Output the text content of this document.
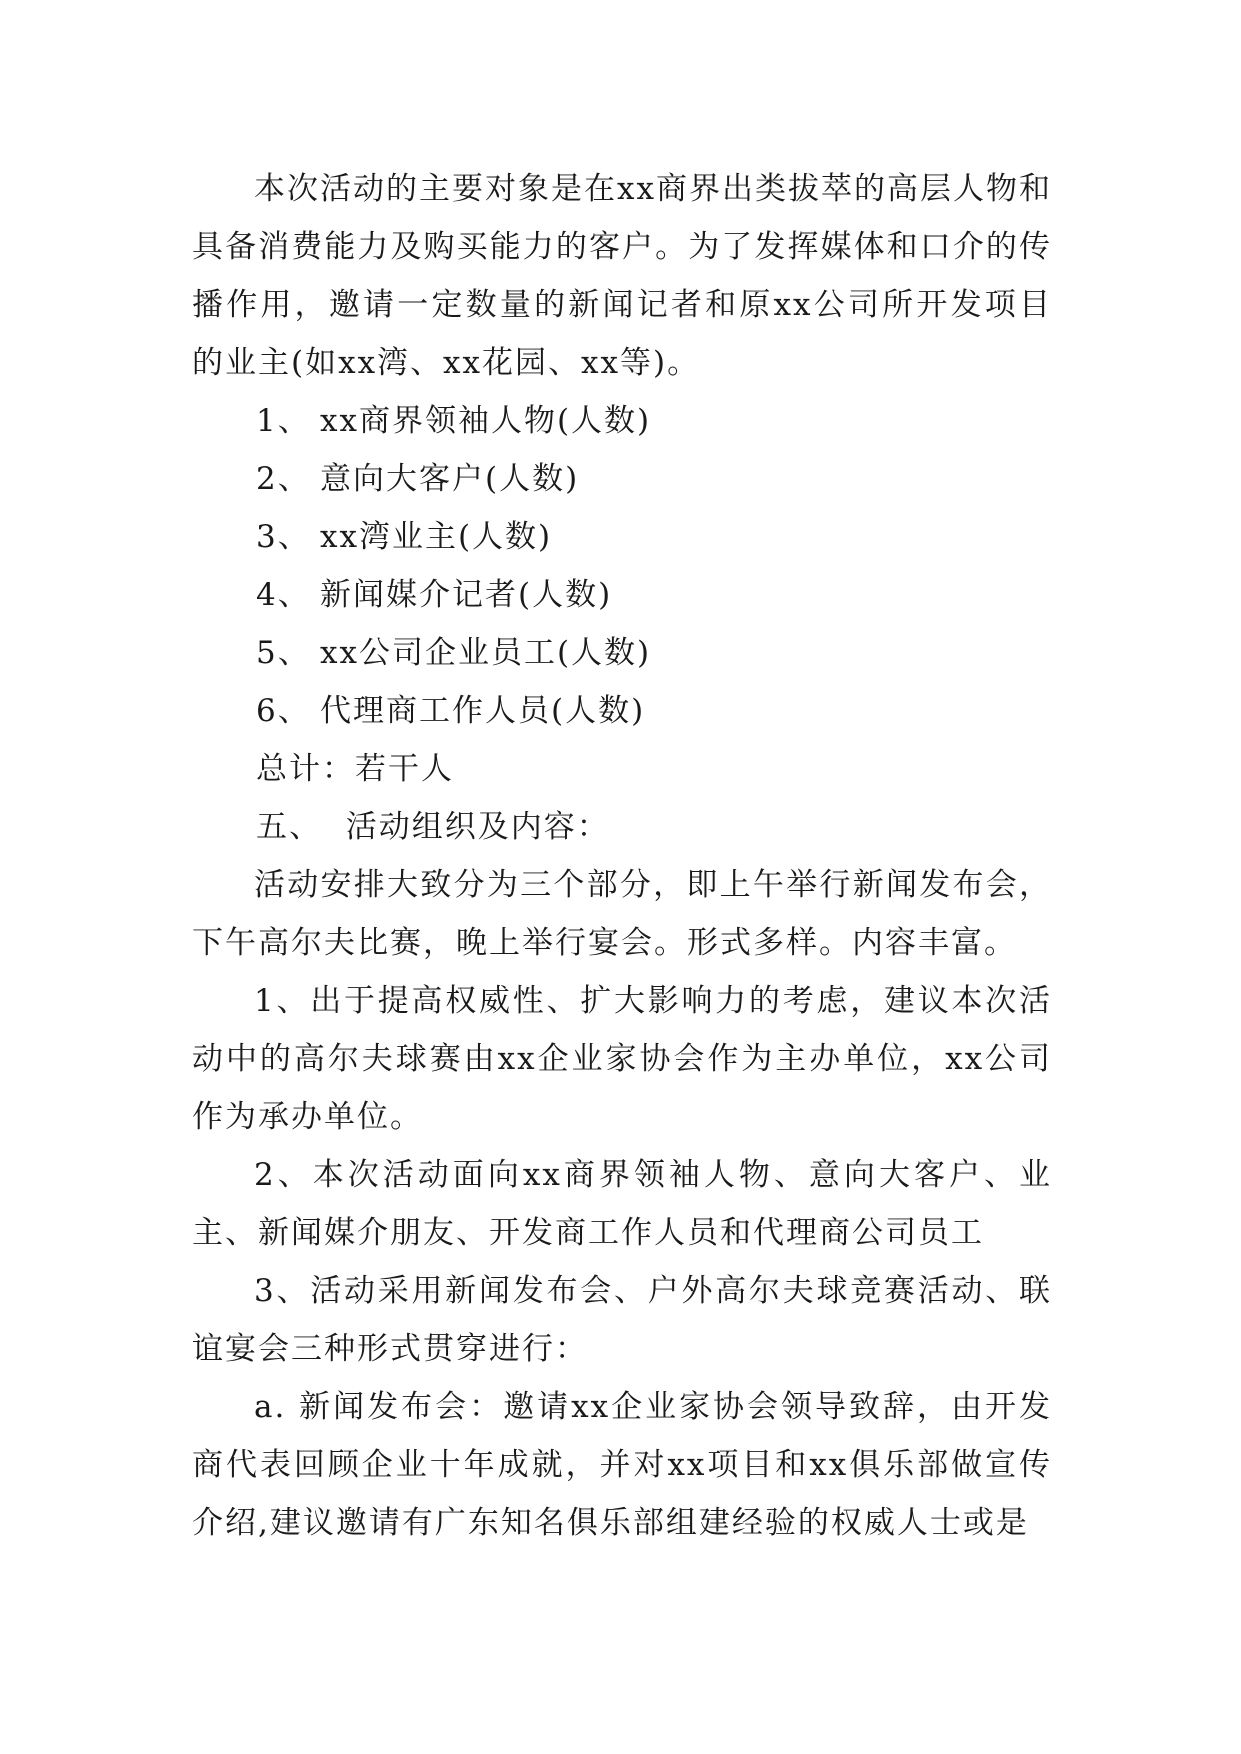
本次活动的主要对象是在xx商界出类拔萃的高层人物和具备消费能力及购买能力的客户。为了发挥媒体和口介的传播作用，邀请一定数量的新闻记者和原xx公司所开发项目的业主(如xx湾、xx花园、xx等)。

1、 xx商界领袖人物(人数)

2、 意向大客户(人数)

3、 xx湾业主(人数)

4、 新闻媒介记者(人数)

5、 xx公司企业员工(人数)

6、 代理商工作人员(人数)

总计：若干人

五、  活动组织及内容：

活动安排大致分为三个部分，即上午举行新闻发布会，下午高尔夫比赛，晚上举行宴会。形式多样。内容丰富。

1、出于提高权威性、扩大影响力的考虑，建议本次活动中的高尔夫球赛由xx企业家协会作为主办单位，xx公司作为承办单位。

2、本次活动面向xx商界领袖人物、意向大客户、业主、新闻媒介朋友、开发商工作人员和代理商公司员工

3、活动采用新闻发布会、户外高尔夫球竞赛活动、联谊宴会三种形式贯穿进行：

a. 新闻发布会：邀请xx企业家协会领导致辞，由开发商代表回顾企业十年成就，并对xx项目和xx俱乐部做宣传介绍,建议邀请有广东知名俱乐部组建经验的权威人士或是
